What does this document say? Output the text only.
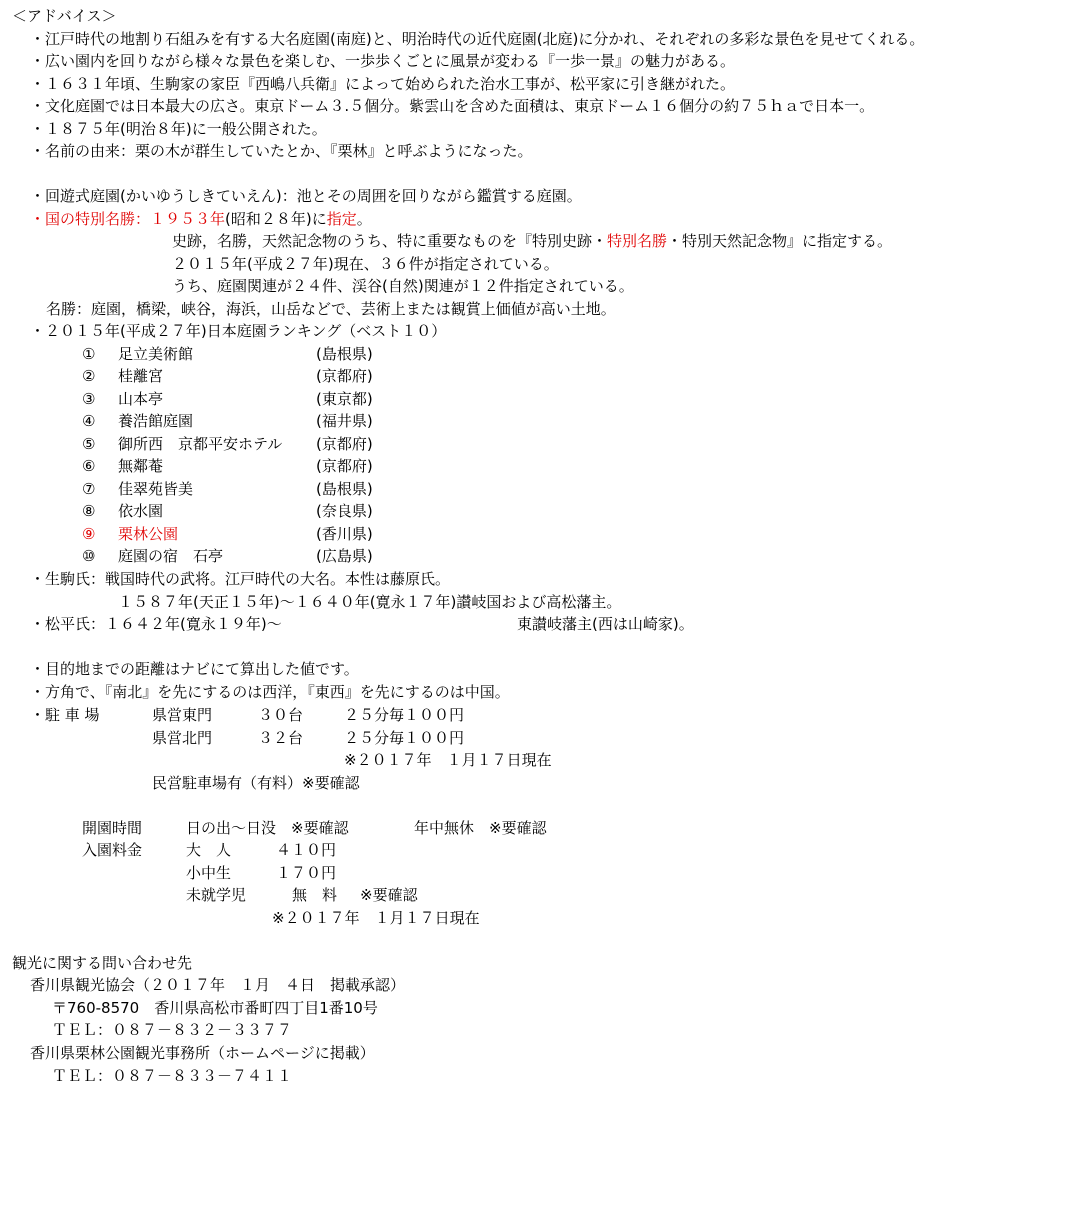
＜アドバイス＞
・江戸時代の地割り石組みを有する大名庭園(南庭)と、明治時代の近代庭園(北庭)に分かれ、それぞれの多彩な景色を見せてくれる。
・広い園内を回りながら様々な景色を楽しむ、一歩歩くごとに風景が変わる『一歩一景』の魅力がある。
・１６３１年頃、生駒家の家臣『西嶋八兵衛』によって始められた治水工事が、松平家に引き継がれた。
・文化庭園では日本最大の広さ。東京ドーム３.５個分。紫雲山を含めた面積は、東京ドーム１６個分の約７５ｈａで日本一。
・１８７５年(明治８年)に一般公開された。
・名前の由来：栗の木が群生していたとか、『栗林』と呼ぶようになった。
・回遊式庭園(かいゆうしきていえん)：池とその周囲を回りながら鑑賞する庭園。
・国の特別名勝：１９５３年(昭和２８年)に指定。
史跡，名勝，天然記念物のうち、特に重要なものを『特別史跡・特別名勝・特別天然記念物』に指定する。
２０１５年(平成２７年)現在、３６件が指定されている。
うち、庭園関連が２４件、渓谷(自然)関連が１２件指定されている。
名勝：庭園，橋梁，峡谷，海浜，山岳などで、芸術上または観賞上価値が高い土地。
・２０１５年(平成２７年)日本庭園ランキング（ベスト１０）
① 足立美術館	(島根県)
② 桂離宮	(京都府)
③ 山本亭	(東京都)
④ 養浩館庭園	(福井県)
⑤ 御所西　京都平安ホテル (京都府)
⑥ 無鄰菴	(京都府)
⑦ 佳翠苑皆美	(島根県)
⑧ 依水園	(奈良県)
⑨ 栗林公園	(香川県)
⑩ 庭園の宿　石亭	(広島県)
・生駒氏：戦国時代の武将。江戸時代の大名。本性は藤原氏。
１５８７年(天正１５年)～１６４０年(寛永１７年)讃岐国および高松藩主。
・松平氏：１６４２年(寛永１９年)～	東讃岐藩主(西は山崎家)。
・目的地までの距離はナビにて算出した値です。
・方角で、『南北』を先にするのは西洋，『東西』を先にするのは中国。
・駐 車 場	県営東門	３０台	２５分毎１００円
県営北門	３２台	２５分毎１００円
※２０１７年　１月１７日現在
民営駐車場有（有料）※要確認
開園時間	日の出～日没　※要確認	年中無休　※要確認
入園料金	大　人	４１０円
小中生	１７０円
未就学児	無　料 ※要確認
※２０１７年　１月１７日現在
観光に関する問い合わせ先
香川県観光協会（２０１７年　１月　４日　掲載承認）
〒760-8570　香川県高松市番町四丁目1番10号
ＴＥＬ：０８７－８３２－３３７７
香川県栗林公園観光事務所（ホームページに掲載）
ＴＥＬ：０８７－８３３－７４１１
